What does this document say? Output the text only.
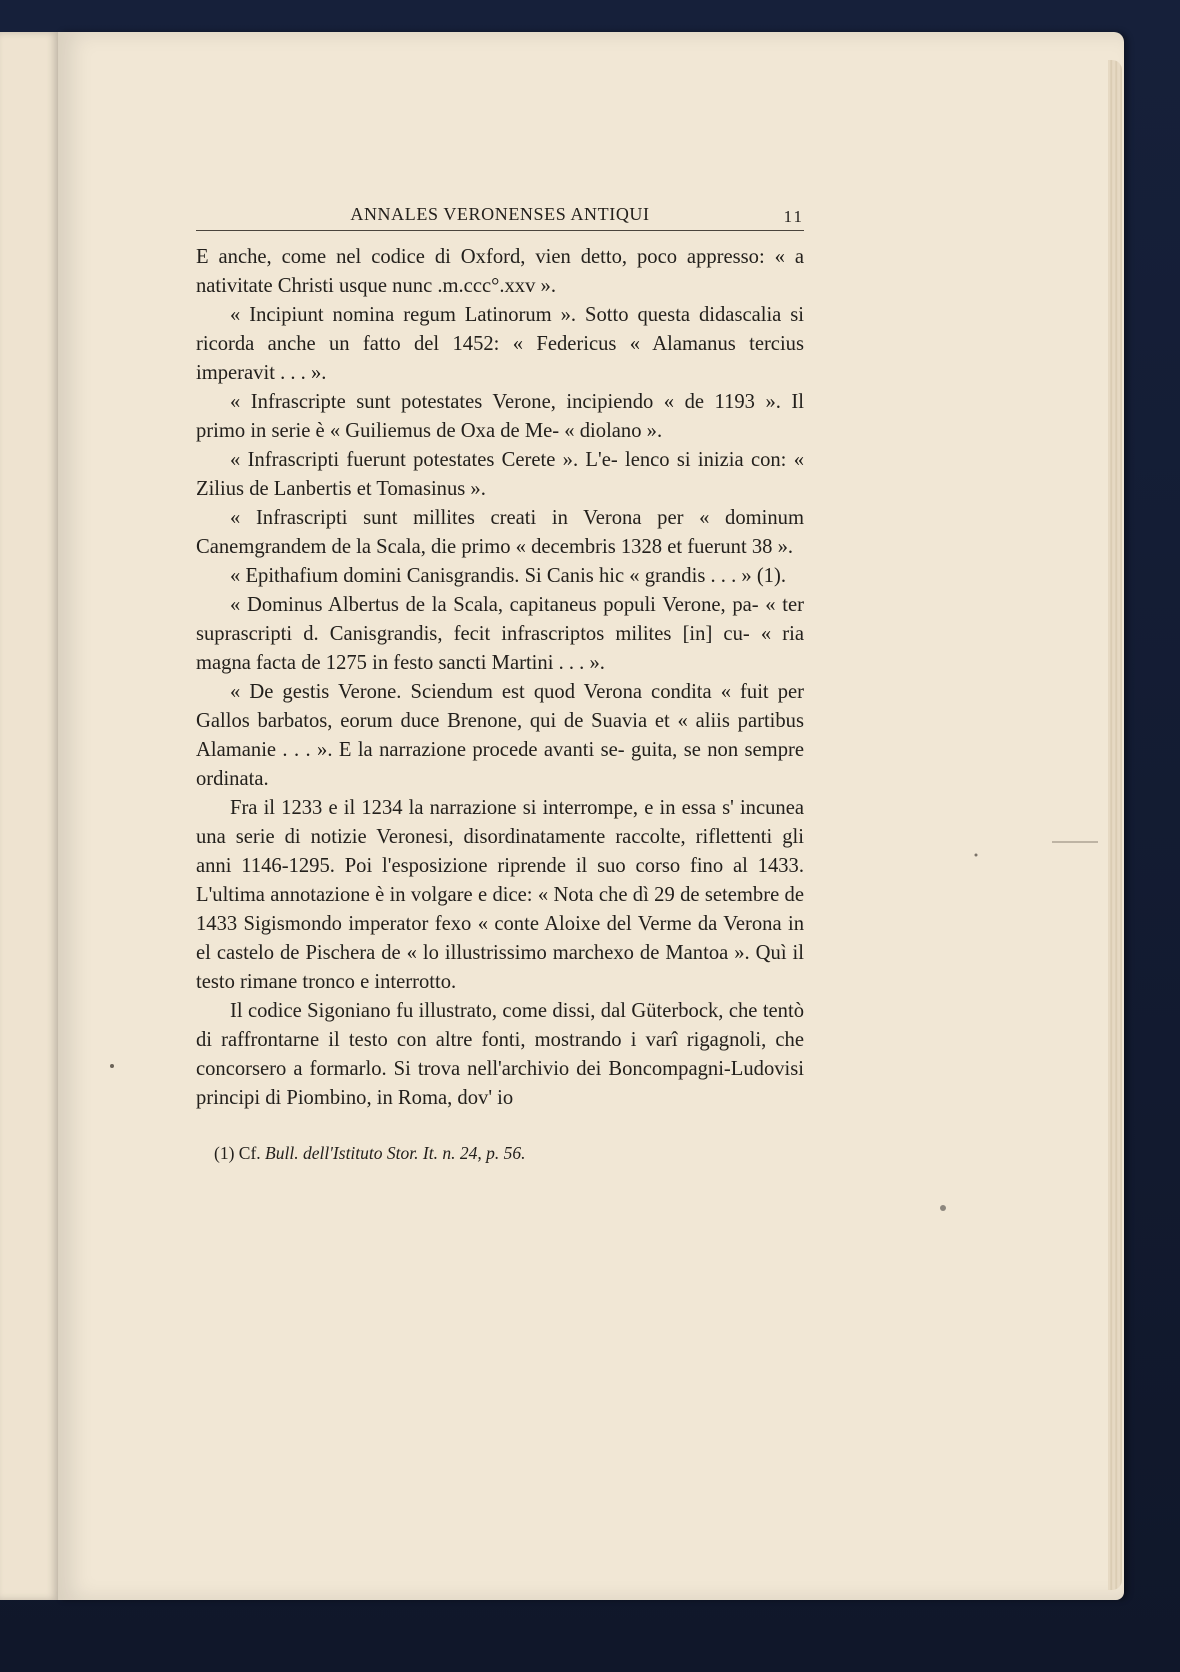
ANNALES VERONENSES ANTIQUI	11

E anche, come nel codice di Oxford, vien detto, poco appresso: « a nativitate Christi usque nunc .m.ccc°.xxv ».

« Incipiunt nomina regum Latinorum ». Sotto questa didascalia si ricorda anche un fatto del 1452: « Federicus « Alamanus tercius imperavit . . . ».

« Infrascripte sunt potestates Verone, incipiendo « de 1193 ». Il primo in serie è « Guiliemus de Oxa de Me- « diolano ».

« Infrascripti fuerunt potestates Cerete ». L'e- lenco si inizia con: « Zilius de Lanbertis et Tomasinus ».

« Infrascripti sunt millites creati in Verona per « dominum Canemgrandem de la Scala, die primo « decembris 1328 et fuerunt 38 ».

« Epithafium domini Canisgrandis. Si Canis hic « grandis . . . » (1).

« Dominus Albertus de la Scala, capitaneus populi Verone, pa- « ter suprascripti d. Canisgrandis, fecit infrascriptos milites [in] cu- « ria magna facta de 1275 in festo sancti Martini . . . ».

« De gestis Verone. Sciendum est quod Verona condita « fuit per Gallos barbatos, eorum duce Brenone, qui de Suavia et « aliis partibus Alamanie . . . ». E la narrazione procede avanti se- guita, se non sempre ordinata.

Fra il 1233 e il 1234 la narrazione si interrompe, e in essa s' incunea una serie di notizie Veronesi, disordinatamente raccolte, riflettenti gli anni 1146-1295. Poi l'esposizione riprende il suo corso fino al 1433. L'ultima annotazione è in volgare e dice: « Nota che dì 29 de setembre de 1433 Sigismondo imperator fexo « conte Aloixe del Verme da Verona in el castelo de Pischera de « lo illustrissimo marchexo de Mantoa ». Quì il testo rimane tronco e interrotto.

Il codice Sigoniano fu illustrato, come dissi, dal Güterbock, che tentò di raffrontarne il testo con altre fonti, mostrando i varî rigagnoli, che concorsero a formarlo. Si trova nell'archivio dei Boncompagni-Ludovisi principi di Piombino, in Roma, dov' io

(1) Cf. Bull. dell'Istituto Stor. It. n. 24, p. 56.
